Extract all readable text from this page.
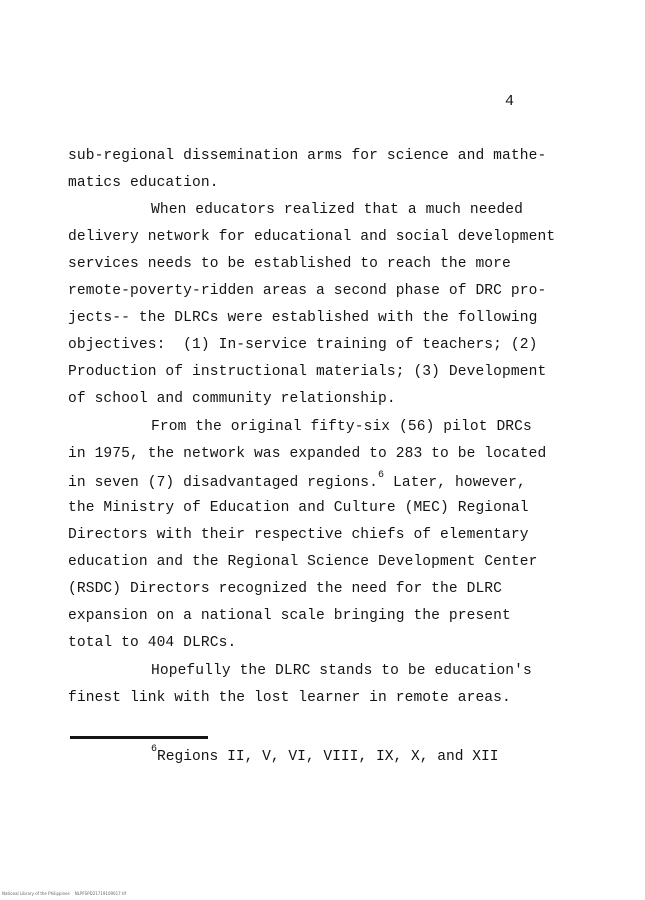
4
sub-regional dissemination arms for science and mathe-
matics education.
When educators realized that a much needed
delivery network for educational and social development
services needs to be established to reach the more
remote-poverty-ridden areas a second phase of DRC pro-
jects-- the DLRCs were established with the following
objectives:  (1) In-service training of teachers; (2)
Production of instructional materials; (3) Development
of school and community relationship.
From the original fifty-six (56) pilot DRCs
in 1975, the network was expanded to 283 to be located
in seven (7) disadvantaged regions.$^6$ Later, however,
the Ministry of Education and Culture (MEC) Regional
Directors with their respective chiefs of elementary
education and the Regional Science Development Center
(RSDC) Directors recognized the need for the DLRC
expansion on a national scale bringing the present
total to 404 DLRCs.
Hopefully the DLRC stands to be education's
finest link with the lost learner in remote areas.
$^6$Regions II, V, VI, VIII, IX, X, and XII
National Library of the Philippines    NLPFSPD21719109017.tif
